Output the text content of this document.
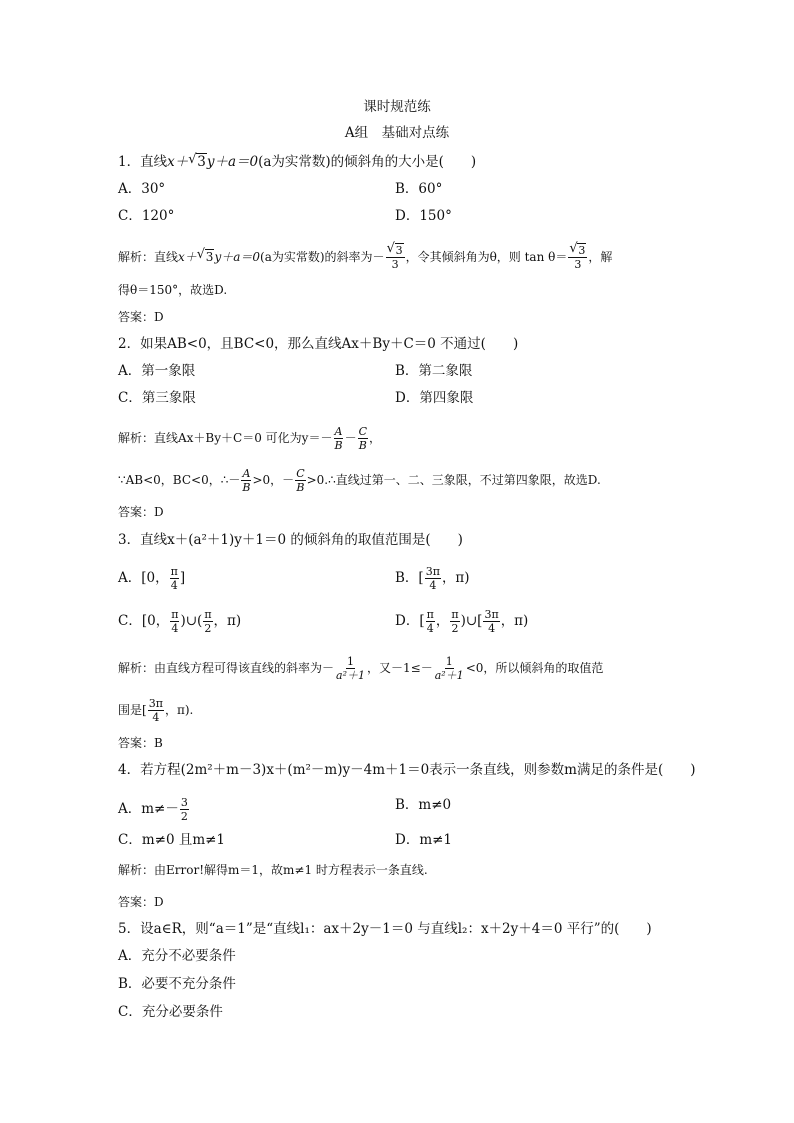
课时规范练
A组　基础对点练
1．直线x＋ √ 3y＋a＝0(a为实常数)的倾斜角的大小是(　　)
A．30°	B．60°
C．120°	D．150°
解析：直线x＋ √ 3y＋a＝0(a为实常数)的斜率为－ $\frac{√ 3}{3}$ ，令其倾斜角为θ，则 $\tan \theta= \frac{√ 3}{3}$ ，解
得θ＝150°，故选D.
答案：D
2．如果AB<0，且BC<0，那么直线Ax＋By＋C＝0 不通过(　　)
A．第一象限	B．第二象限
C．第三象限	D．第四象限
解析：直线Ax＋By＋C＝0 可化为$y=- \frac{A}{B} - \frac{C}{B}$ ，
∵AB<0，BC<0，∴－ $\frac{A}{B} >0$，－ $\frac{C}{B}$ >0.∴直线过第一、二、三象限，不过第四象限，故选D.
答案：D
3．直线x＋(a²＋1)y＋1＝0 的倾斜角的取值范围是(　　)
A．[0， $\frac{\pi}{4}$ ]	B．[ $\frac{3\pi}{4}$ ，π)
C．[0， $\frac{\pi}{4}$ )∪( $\frac{\pi}{2}$ ，π)	D．[ $\frac{\pi}{4}$ ， $\frac{\pi}{2}$ )∪[ $\frac{3\pi}{4}$ ，π)
解析：由直线方程可得该直线的斜率为－ $\frac{1}{\text{a²＋1}}$ ，又$-1\le- \frac{1}{\text{a²＋1}} <0$，所以倾斜角的取值范
围是[ $\frac{3\pi}{4}$ ，π).
答案：B
4．若方程(2m²＋m－3)x＋(m²－m)y－4m＋1＝0表示一条直线，则参数m满足的条件是(　　)
A．$m\ne- \frac{3}{2}$	B．m≠0
C．m≠0 且m≠1	D．m≠1
解析：由Error!解得m＝1，故m≠1 时方程表示一条直线.
答案：D
5．设a∈R，则“a＝1”是“直线l₁：ax＋2y－1＝0 与直线l₂：x＋2y＋4＝0 平行”的(　　)
A．充分不必要条件
B．必要不充分条件
C．充分必要条件
